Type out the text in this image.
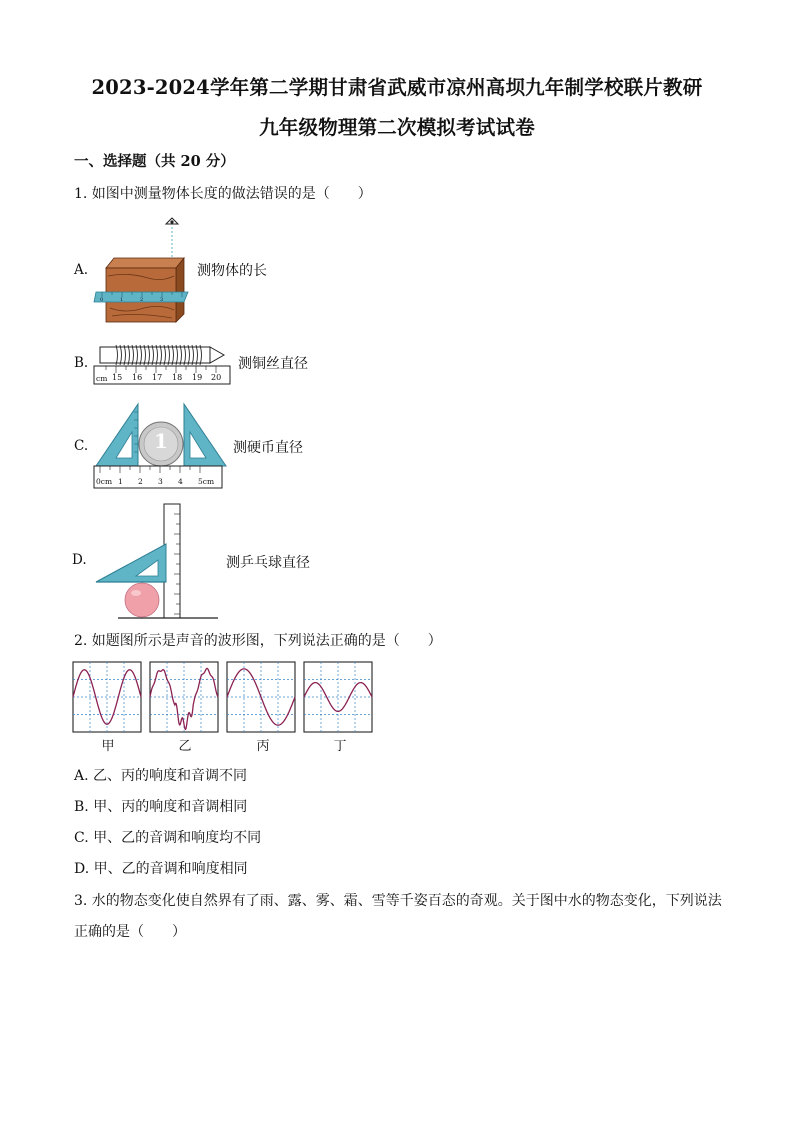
2023-2024学年第二学期甘肃省武威市凉州高坝九年制学校联片教研
九年级物理第二次模拟考试试卷
一、选择题（共 20 分）
1. 如图中测量物体长度的做法错误的是（　　）
A.
0	1	2	3
测物体的长
B.
cm 15 16 17 18 19 20
测铜丝直径
C.	1
0cm 1 2 3 4 5cm
测硬币直径
D.	测乒乓球直径
2. 如题图所示是声音的波形图，下列说法正确的是（　　）
甲	乙	丙	丁
A. 乙、丙的响度和音调不同
B. 甲、丙的响度和音调相同
C. 甲、乙的音调和响度均不同
D. 甲、乙的音调和响度相同
3. 水的物态变化使自然界有了雨、露、雾、霜、雪等千姿百态的奇观。关于图中水的物态变化，下列说法
正确的是（　　）
